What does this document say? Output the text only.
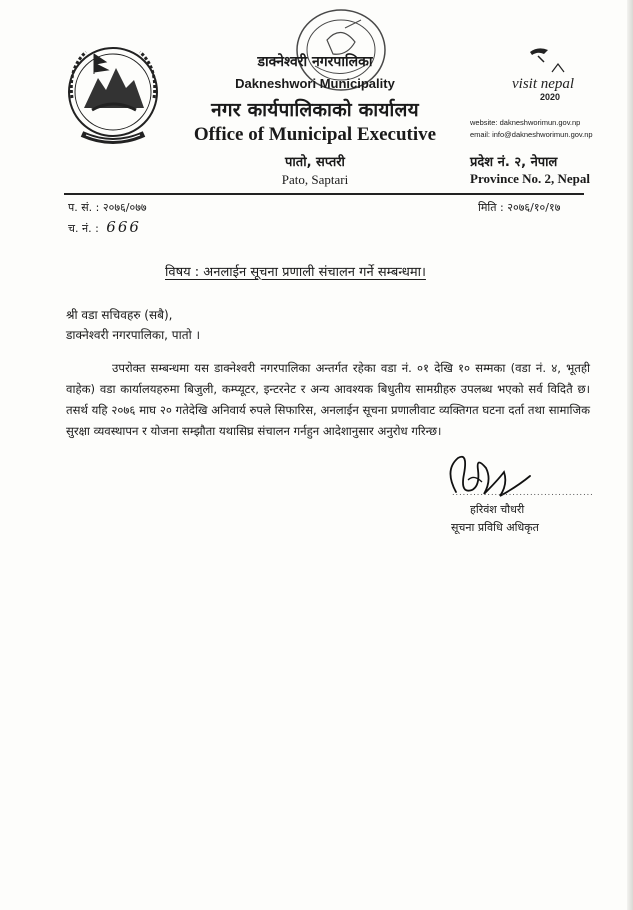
डाक्नेश्वरी नगरपालिका
Dakneshwori Municipality
नगर कार्यपालिकाको कार्यालय
Office of Municipal Executive
पातो, सप्तरी
Pato, Saptari
visit nepal
2020
website: dakneshworimun.gov.np
email: info@dakneshworimun.gov.np
प्रदेश नं. २, नेपाल
Province No. 2, Nepal
प. सं. : २०७६/०७७
च. नं. : 666
मिति : २०७६/१०/१७
विषय : अनलाईन सूचना प्रणाली संचालन गर्ने सम्बन्धमा।
श्री वडा सचिवहरु (सबै),
डाक्नेश्वरी नगरपालिका, पातो ।
उपरोक्त सम्बन्धमा यस डाक्नेश्वरी नगरपालिका अन्तर्गत रहेका वडा नं. ०१ देखि १० सम्मका (वडा नं. ४, भूतही वाहेक) वडा कार्यालयहरुमा बिजुली, कम्प्यूटर, इन्टरनेट र अन्य आवश्यक बिधुतीय सामग्रीहरु उपलब्ध भएको सर्व विदितै छ। तसर्थ यहि २०७६ माघ २० गतेदेखि अनिवार्य रुपले सिफारिस, अनलाईन सूचना प्रणालीवाट व्यक्तिगत घटना दर्ता तथा सामाजिक सुरक्षा व्यवस्थापन र योजना सम्झौता यथासिघ्र संचालन गर्नहुन आदेशानुसार अनुरोध गरिन्छ।
........................................
हरिवंश चौधरी
सूचना प्रविधि अधिकृत
